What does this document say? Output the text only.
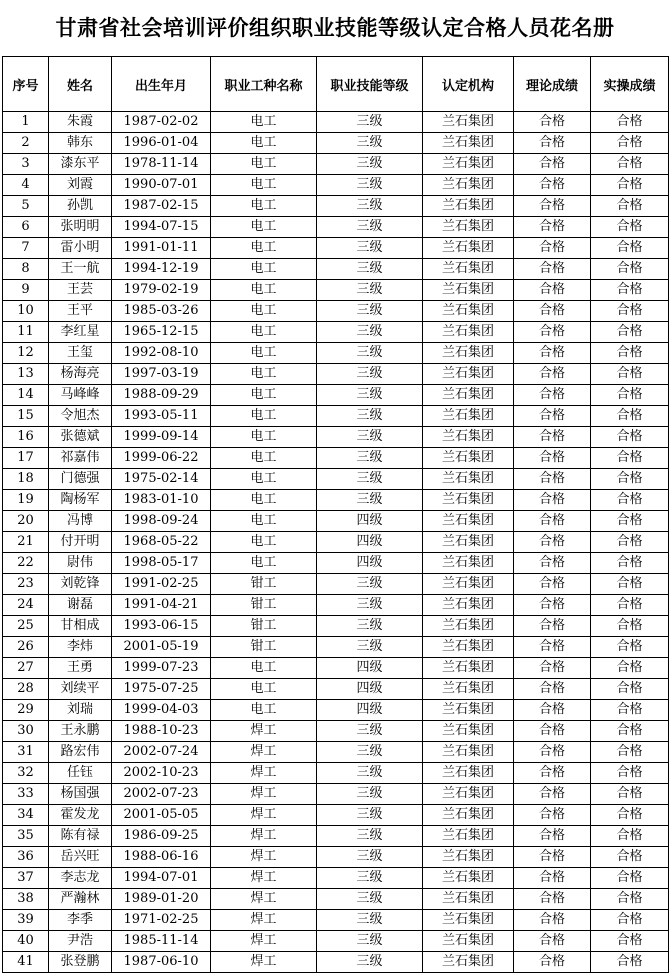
甘肃省社会培训评价组织职业技能等级认定合格人员花名册
序号	姓名	出生年月	职业工种名称	职业技能等级	认定机构	理论成绩	实操成绩
1	朱霞	1987-02-02	电工	三级	兰石集团	合格	合格
2	韩东	1996-01-04	电工	三级	兰石集团	合格	合格
3	漆东平	1978-11-14	电工	三级	兰石集团	合格	合格
4	刘霞	1990-07-01	电工	三级	兰石集团	合格	合格
5	孙凯	1987-02-15	电工	三级	兰石集团	合格	合格
6	张明明	1994-07-15	电工	三级	兰石集团	合格	合格
7	雷小明	1991-01-11	电工	三级	兰石集团	合格	合格
8	王一航	1994-12-19	电工	三级	兰石集团	合格	合格
9	王芸	1979-02-19	电工	三级	兰石集团	合格	合格
10	王平	1985-03-26	电工	三级	兰石集团	合格	合格
11	李红星	1965-12-15	电工	三级	兰石集团	合格	合格
12	王玺	1992-08-10	电工	三级	兰石集团	合格	合格
13	杨海亮	1997-03-19	电工	三级	兰石集团	合格	合格
14	马峰峰	1988-09-29	电工	三级	兰石集团	合格	合格
15	令旭杰	1993-05-11	电工	三级	兰石集团	合格	合格
16	张德斌	1999-09-14	电工	三级	兰石集团	合格	合格
17	祁嘉伟	1999-06-22	电工	三级	兰石集团	合格	合格
18	门德强	1975-02-14	电工	三级	兰石集团	合格	合格
19	陶杨军	1983-01-10	电工	三级	兰石集团	合格	合格
20	冯博	1998-09-24	电工	四级	兰石集团	合格	合格
21	付开明	1968-05-22	电工	四级	兰石集团	合格	合格
22	尉伟	1998-05-17	电工	四级	兰石集团	合格	合格
23	刘乾锋	1991-02-25	钳工	三级	兰石集团	合格	合格
24	谢磊	1991-04-21	钳工	三级	兰石集团	合格	合格
25	甘相成	1993-06-15	钳工	三级	兰石集团	合格	合格
26	李炜	2001-05-19	钳工	三级	兰石集团	合格	合格
27	王勇	1999-07-23	电工	四级	兰石集团	合格	合格
28	刘续平	1975-07-25	电工	四级	兰石集团	合格	合格
29	刘瑞	1999-04-03	电工	四级	兰石集团	合格	合格
30	王永鹏	1988-10-23	焊工	三级	兰石集团	合格	合格
31	路宏伟	2002-07-24	焊工	三级	兰石集团	合格	合格
32	任钰	2002-10-23	焊工	三级	兰石集团	合格	合格
33	杨国强	2002-07-23	焊工	三级	兰石集团	合格	合格
34	霍发龙	2001-05-05	焊工	三级	兰石集团	合格	合格
35	陈有禄	1986-09-25	焊工	三级	兰石集团	合格	合格
36	岳兴旺	1988-06-16	焊工	三级	兰石集团	合格	合格
37	李志龙	1994-07-01	焊工	三级	兰石集团	合格	合格
38	严瀚林	1989-01-20	焊工	三级	兰石集团	合格	合格
39	李季	1971-02-25	焊工	三级	兰石集团	合格	合格
40	尹浩	1985-11-14	焊工	三级	兰石集团	合格	合格
41	张登鹏	1987-06-10	焊工	三级	兰石集团	合格	合格
